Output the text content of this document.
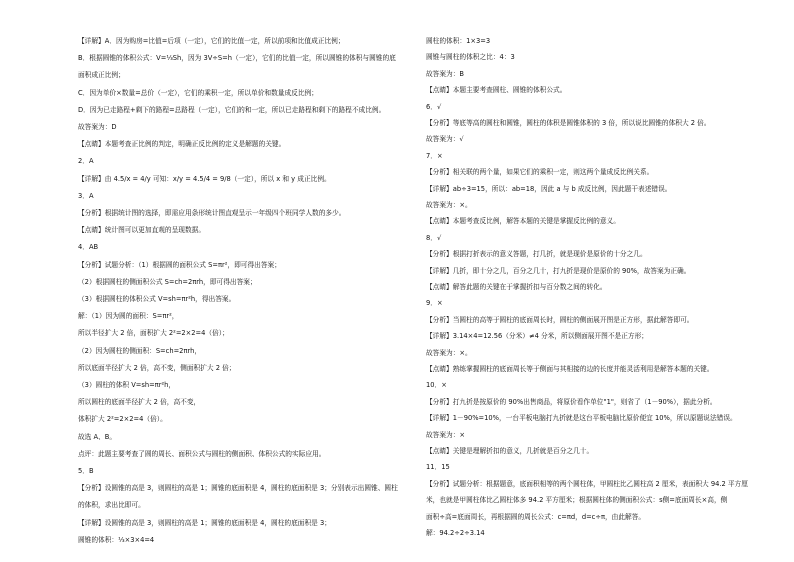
【详解】A．因为购房=比值=后项（一定），它们的比值一定，所以前项和比值成正比例；
B．根据圆锥的体积公式：V=⅓Sh，因为 3V÷S=h（一定），它们的比值一定，所以圆锥的体积与圆锥的底
面积成正比例；
C．因为单价×数量=总价（一定），它们的乘积一定，所以单价和数量成反比例；
D．因为已走路程+剩下的路程=总路程（一定），它们的和一定，所以已走路程和剩下的路程不成比例。
故答案为：D
【点睛】本题考查正比例的判定，明确正反比例的定义是解题的关键。
2．A
【详解】由 4.5/x = 4/y 可知：x/y = 4.5/4 = 9/8（一定），所以 x 和 y 成正比例。
3．A
【分析】根据统计图的选择，即需应用条形统计图直观呈示一年级四个班同学人数的多少。
【点睛】统计图可以更加直观的呈现数据。
4．AB
【分析】试题分析：（1）根据圆的面积公式 S=πr²，即可得出答案；
（2）根据圆柱的侧面积公式 S=ch=2πrh，即可得出答案；
（3）根据圆柱的体积公式 V=sh=πr²h，得出答案。
解：（1）因为圆的面积：S=πr²，
所以半径扩大 2 倍，面积扩大 2²=2×2=4（倍）；
（2）因为圆柱的侧面积：S=ch=2πrh，
所以底面半径扩大 2 倍，高不变，侧面积扩大 2 倍；
（3）圆柱的体积 V=sh=πr²h，
所以圆柱的底面半径扩大 2 倍，高不变，
体积扩大 2²=2×2=4（倍）。
故选 A、B。
点评：此题主要考查了圆的周长、面积公式与圆柱的侧面积、体积公式的实际应用。
5．B
【分析】设圆锥的高是 3，则圆柱的高是 1；圆锥的底面积是 4，圆柱的底面积是 3；分别表示出圆锥、圆柱
的体积，求出比即可。
【详解】设圆锥的高是 3，则圆柱的高是 1；圆锥的底面积是 4，圆柱的底面积是 3；
圆锥的体积：⅓×3×4=4
圆柱的体积：1×3=3
圆锥与圆柱的体积之比：4：3
故答案为：B
【点睛】本题主要考查圆柱、圆锥的体积公式。
6．√
【分析】等底等高的圆柱和圆锥，圆柱的体积是圆锥体积的 3 倍，所以说比圆锥的体积大 2 倍。
故答案为：√
7．×
【分析】相关联的两个量，如果它们的乘积一定，则这两个量成反比例关系。
【详解】ab÷3=15，所以：ab=18，因此 a 与 b 成反比例，因此题干表述错误。
故答案为：×。
【点睛】本题考查反比例，解答本题的关键是掌握反比例的意义。
8．√
【分析】根据打折表示的意义答题，打几折，就是现价是原价的十分之几。
【详解】几折，即十分之几，百分之几十，打九折是现价是原价的 90%，故答案为正确。
【点睛】解答此题的关键在于掌握折扣与百分数之间的转化。
9．×
【分析】当圆柱的高等于圆柱的底面周长时，圆柱的侧面展开图是正方形，据此解答即可。
【详解】3.14×4=12.56（分米）≠4 分米，所以侧面展开图不是正方形；
故答案为：×。
【点睛】熟练掌握圆柱的底面周长等于侧面与其相接的边的长度并能灵活利用是解答本题的关键。
10．×
【分析】打九折是按原价的 90%出售商品，将原价看作单位"1"，则省了（1－90%），据此分析。
【详解】1－90%=10%，一台平板电脑打九折就是这台平板电脑比原价便宜 10%，所以原题说法错误。
故答案为：×
【点睛】关键是理解折扣的意义，几折就是百分之几十。
11．15
【分析】试题分析：根据题意，底面积相等的两个圆柱体，甲圆柱比乙圆柱高 2 厘米，表面积大 94.2 平方厘
米，也就是甲圆柱体比乙圆柱体多 94.2 平方厘米；根据圆柱体的侧面积公式：s侧=底面周长×高，侧
面积÷高=底面周长，再根据圆的周长公式：c=πd，d=c÷π，由此解答。
解：94.2÷2÷3.14
